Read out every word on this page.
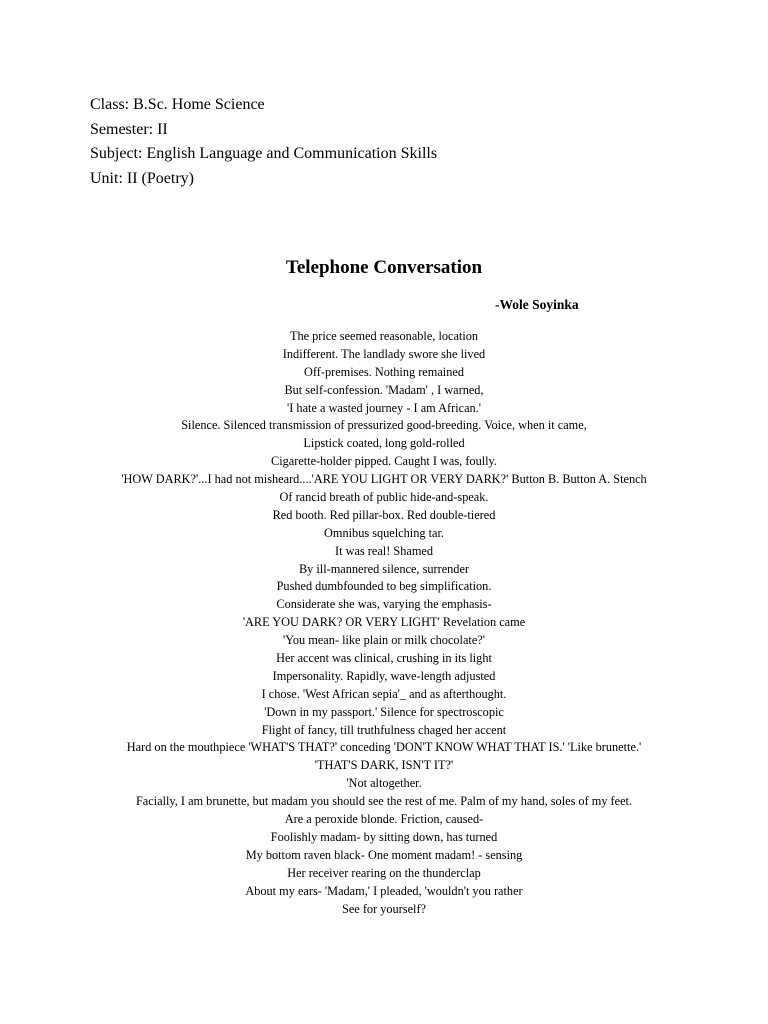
Class: B.Sc. Home Science
Semester: II
Subject: English Language and Communication Skills
Unit: II (Poetry)
Telephone Conversation
-Wole Soyinka
The price seemed reasonable, location
Indifferent. The landlady swore she lived
Off-premises. Nothing remained
But self-confession. 'Madam' , I warned,
'I hate a wasted journey - I am African.'
Silence. Silenced transmission of pressurized good-breeding. Voice, when it came,
Lipstick coated, long gold-rolled
Cigarette-holder pipped. Caught I was, foully.
'HOW DARK?'...I had not misheard....'ARE YOU LIGHT OR VERY DARK?' Button B. Button A. Stench
Of rancid breath of public hide-and-speak.
Red booth. Red pillar-box. Red double-tiered
Omnibus squelching tar.
It was real! Shamed
By ill-mannered silence, surrender
Pushed dumbfounded to beg simplification.
Considerate she was, varying the emphasis-
'ARE YOU DARK? OR VERY LIGHT' Revelation came
'You mean- like plain or milk chocolate?'
Her accent was clinical, crushing in its light
Impersonality. Rapidly, wave-length adjusted
I chose. 'West African sepia'_ and as afterthought.
'Down in my passport.' Silence for spectroscopic
Flight of fancy, till truthfulness chaged her accent
Hard on the mouthpiece 'WHAT'S THAT?' conceding 'DON'T KNOW WHAT THAT IS.' 'Like brunette.'
'THAT'S DARK, ISN'T IT?'
'Not altogether.
Facially, I am brunette, but madam you should see the rest of me. Palm of my hand, soles of my feet.
Are a peroxide blonde. Friction, caused-
Foolishly madam- by sitting down, has turned
My bottom raven black- One moment madam! - sensing
Her receiver rearing on the thunderclap
About my ears- 'Madam,' I pleaded, 'wouldn't you rather
See for yourself?
